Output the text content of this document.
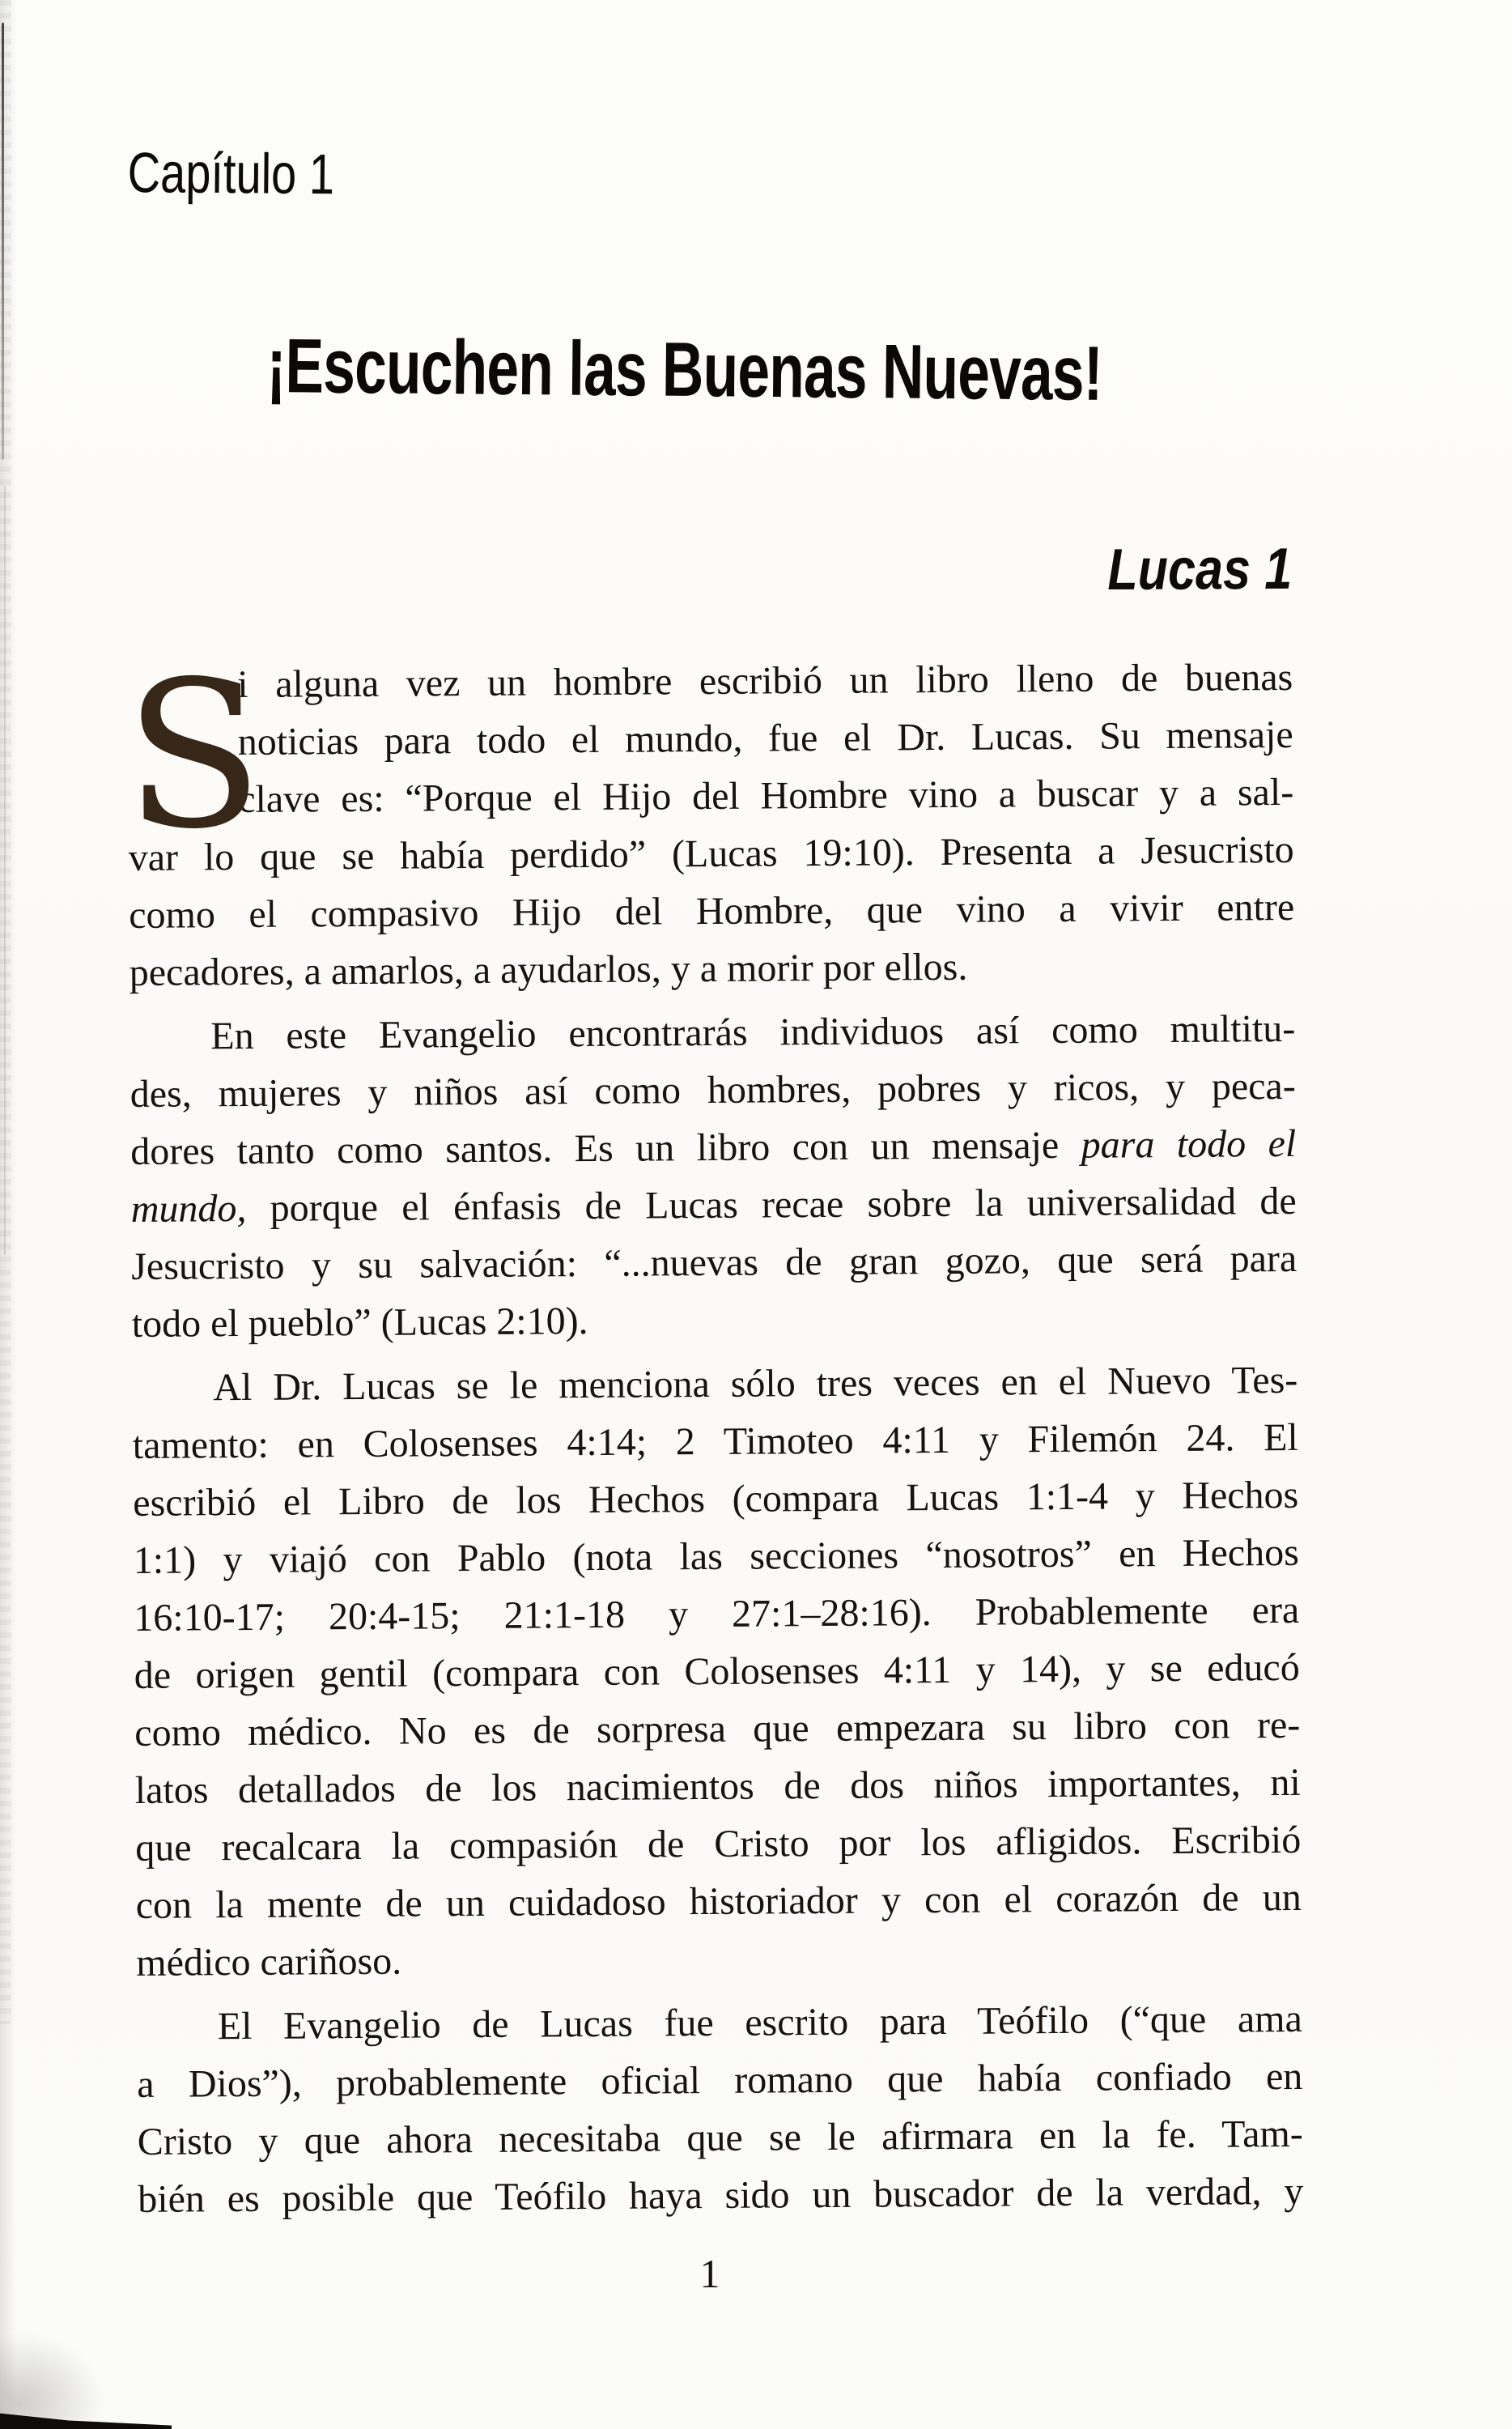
Capítulo 1
¡Escuchen las Buenas Nuevas!
Lucas 1
S
i alguna vez un hombre escribió un libro lleno de buenas
noticias para todo el mundo, fue el Dr. Lucas. Su mensaje
clave es: “Porque el Hijo del Hombre vino a buscar y a sal-
var lo que se había perdido” (Lucas 19:10). Presenta a Jesucristo
como el compasivo Hijo del Hombre, que vino a vivir entre
pecadores, a amarlos, a ayudarlos, y a morir por ellos.
En este Evangelio encontrarás individuos así como multitu-
des, mujeres y niños así como hombres, pobres y ricos, y peca-
dores tanto como santos. Es un libro con un mensaje para todo el
mundo, porque el énfasis de Lucas recae sobre la universalidad de
Jesucristo y su salvación: “...nuevas de gran gozo, que será para
todo el pueblo” (Lucas 2:10).
Al Dr. Lucas se le menciona sólo tres veces en el Nuevo Tes-
tamento: en Colosenses 4:14; 2 Timoteo 4:11 y Filemón 24. El
escribió el Libro de los Hechos (compara Lucas 1:1-4 y Hechos
1:1) y viajó con Pablo (nota las secciones “nosotros” en Hechos
16:10-17; 20:4-15; 21:1-18 y 27:1–28:16). Probablemente era
de origen gentil (compara con Colosenses 4:11 y 14), y se educó
como médico. No es de sorpresa que empezara su libro con re-
latos detallados de los nacimientos de dos niños importantes, ni
que recalcara la compasión de Cristo por los afligidos. Escribió
con la mente de un cuidadoso historiador y con el corazón de un
médico cariñoso.
El Evangelio de Lucas fue escrito para Teófilo (“que ama
a Dios”), probablemente oficial romano que había confiado en
Cristo y que ahora necesitaba que se le afirmara en la fe. Tam-
bién es posible que Teófilo haya sido un buscador de la verdad, y
1
